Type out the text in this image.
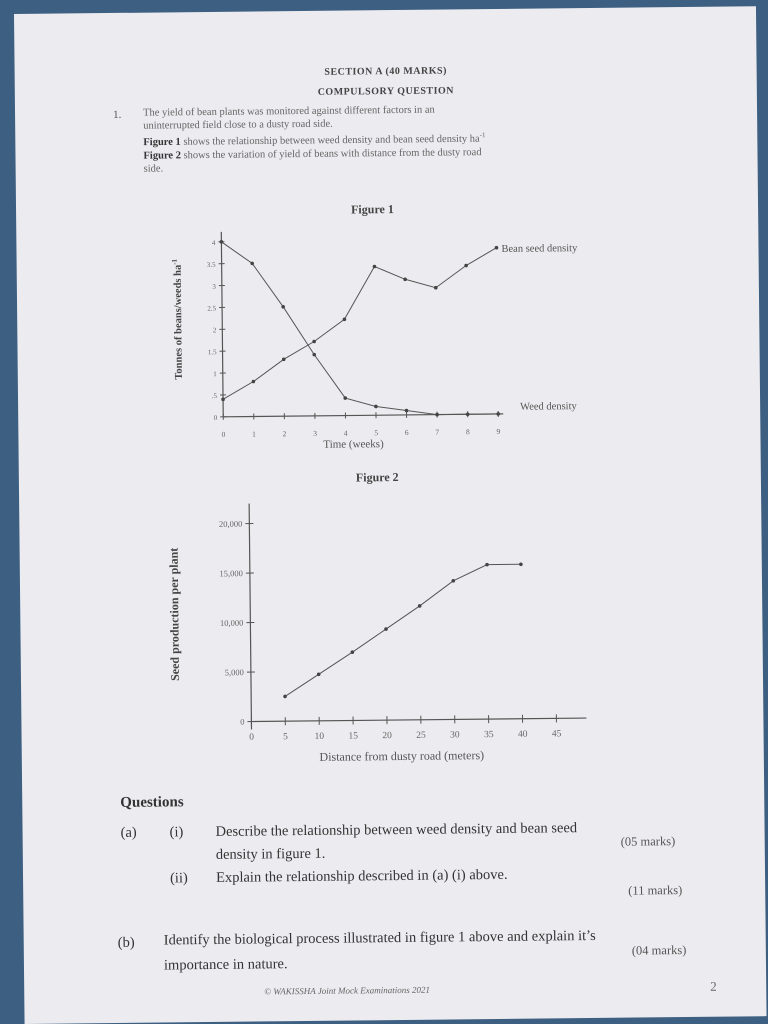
SECTION A (40 MARKS)
COMPULSORY QUESTION
1. The yield of bean plants was monitored against different factors in an
uninterrupted field close to a dusty road side.
Figure 1 shows the relationship between weed density and bean seed density $ha^{-1}$
Figure 2 shows the variation of yield of beans with distance from the dusty road
side.

Figure 1
0	1	2	3	4	5	6	7	8	9
0
.5
1
1.5
2
2.5
3
3.5
4
Time (weeks)
Tonnes of beans/weeds $ha^{-1}$
Bean seed density
Weed density
Figure 2
0	5	10	15	20	25	30	35	40	45
0
5,000
10,000
15,000
20,000
Distance from dusty road (meters)
Seed production per plant
Questions
(a) (i) Describe the relationship between weed density and bean seed
density in figure 1.
(05 marks)
(ii) Explain the relationship described in (a) (i) above.
(11 marks)
(b) Identify the biological process illustrated in figure 1 above and explain it’s
importance in nature.
(04 marks)
© WAKISSHA Joint Mock Examinations 2021	2
